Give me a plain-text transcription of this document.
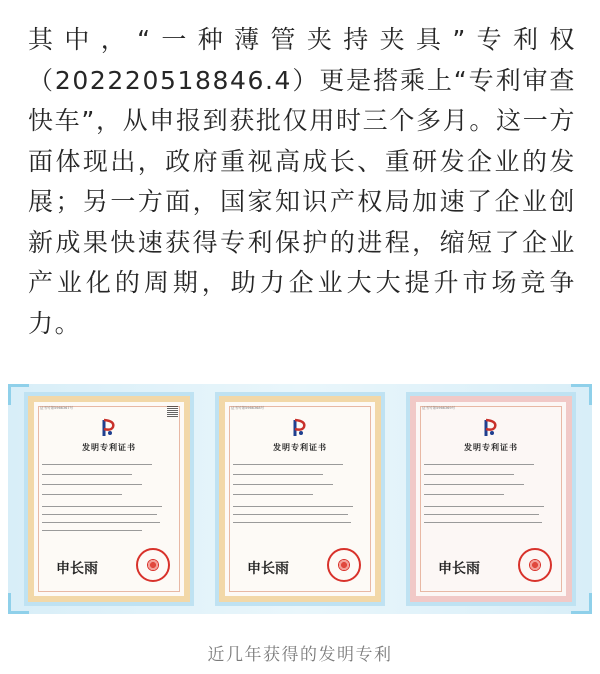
其中，“一种薄管夹持夹具”专利权（202220518846.4）更是搭乘上“专利审查快车”，从申报到获批仅用时三个多月。这一方面体现出，政府重视高成长、重研发企业的发展；另一方面，国家知识产权局加速了企业创新成果快速获得专利保护的进程，缩短了企业产业化的周期，助力企业大大提升市场竞争力。

证书号第5966367号
发明专利证书
申长雨
证书号第5966368号
发明专利证书
申长雨
证书号第5966369号
发明专利证书
申长雨
近几年获得的发明专利
